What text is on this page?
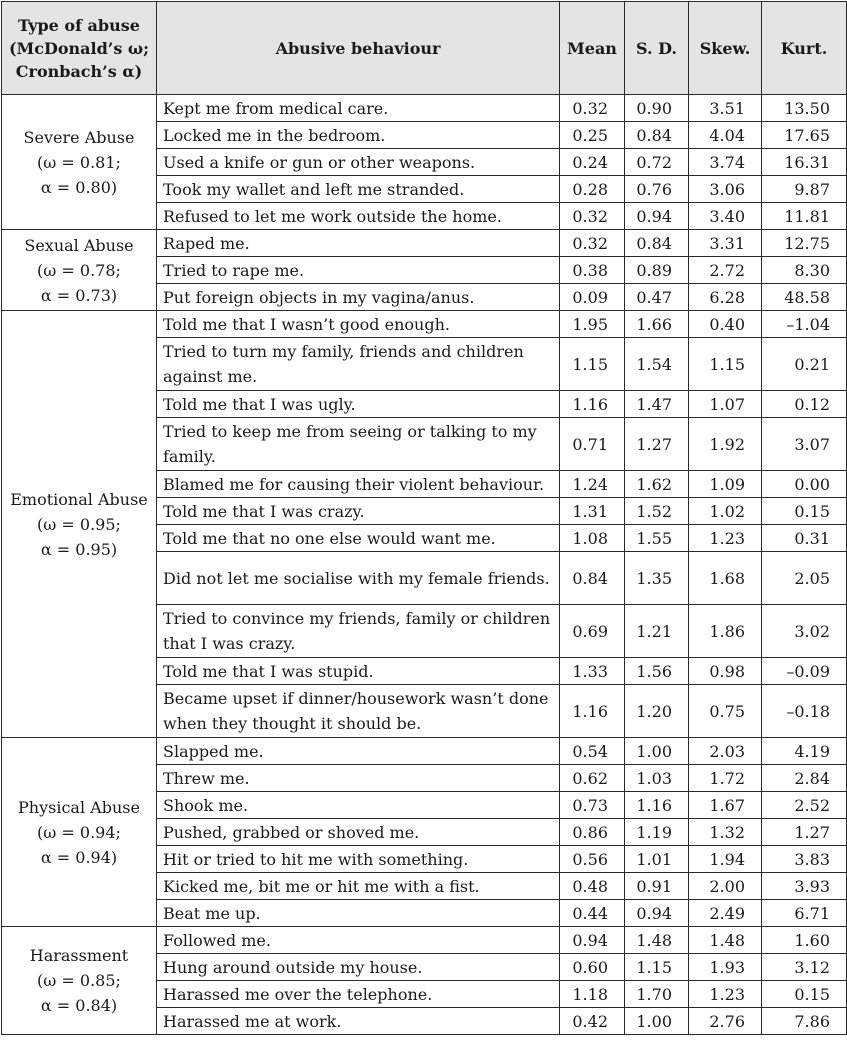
Type of abuse
(McDonald’s ω;
Cronbach’s α)	Abusive behaviour	Mean	S. D.	Skew.	Kurt.

Severe Abuse
(ω = 0.81;
α = 0.80)	Kept me from medical care.	0.32	0.90	3.51	13.50
	Locked me in the bedroom.	0.25	0.84	4.04	17.65
	Used a knife or gun or other weapons.	0.24	0.72	3.74	16.31
	Took my wallet and left me stranded.	0.28	0.76	3.06	9.87
	Refused to let me work outside the home.	0.32	0.94	3.40	11.81

Sexual Abuse
(ω = 0.78;
α = 0.73)	Raped me.	0.32	0.84	3.31	12.75
	Tried to rape me.	0.38	0.89	2.72	8.30
	Put foreign objects in my vagina/anus.	0.09	0.47	6.28	48.58

Emotional Abuse
(ω = 0.95;
α = 0.95)	Told me that I wasn’t good enough.	1.95	1.66	0.40	–1.04
	Tried to turn my family, friends and children against me.	1.15	1.54	1.15	0.21
	Told me that I was ugly.	1.16	1.47	1.07	0.12
	Tried to keep me from seeing or talking to my family.	0.71	1.27	1.92	3.07
	Blamed me for causing their violent behaviour.	1.24	1.62	1.09	0.00
	Told me that I was crazy.	1.31	1.52	1.02	0.15
	Told me that no one else would want me.	1.08	1.55	1.23	0.31
	Did not let me socialise with my female friends.	0.84	1.35	1.68	2.05
	Tried to convince my friends, family or children that I was crazy.	0.69	1.21	1.86	3.02
	Told me that I was stupid.	1.33	1.56	0.98	–0.09
	Became upset if dinner/housework wasn’t done when they thought it should be.	1.16	1.20	0.75	–0.18

Physical Abuse
(ω = 0.94;
α = 0.94)	Slapped me.	0.54	1.00	2.03	4.19
	Threw me.	0.62	1.03	1.72	2.84
	Shook me.	0.73	1.16	1.67	2.52
	Pushed, grabbed or shoved me.	0.86	1.19	1.32	1.27
	Hit or tried to hit me with something.	0.56	1.01	1.94	3.83
	Kicked me, bit me or hit me with a fist.	0.48	0.91	2.00	3.93
	Beat me up.	0.44	0.94	2.49	6.71

Harassment
(ω = 0.85;
α = 0.84)	Followed me.	0.94	1.48	1.48	1.60
	Hung around outside my house.	0.60	1.15	1.93	3.12
	Harassed me over the telephone.	1.18	1.70	1.23	0.15
	Harassed me at work.	0.42	1.00	2.76	7.86
